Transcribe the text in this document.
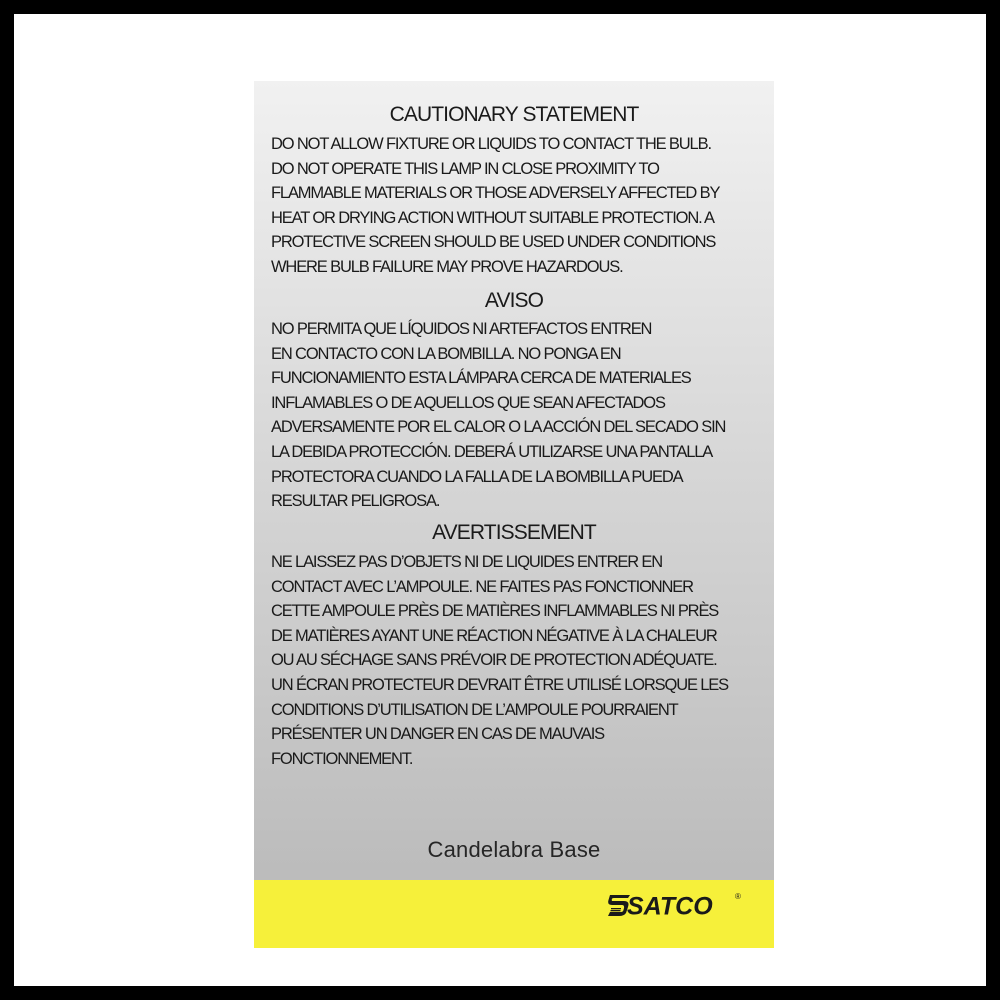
CAUTIONARY STATEMENT
DO NOT ALLOW FIXTURE OR LIQUIDS TO CONTACT THE BULB.
DO NOT OPERATE THIS LAMP IN CLOSE PROXIMITY TO
FLAMMABLE MATERIALS OR THOSE ADVERSELY AFFECTED BY
HEAT OR DRYING ACTION WITHOUT SUITABLE PROTECTION. A
PROTECTIVE SCREEN SHOULD BE USED UNDER CONDITIONS
WHERE BULB FAILURE MAY PROVE HAZARDOUS.
AVISO
NO PERMITA QUE LÍQUIDOS NI ARTEFACTOS ENTREN
EN CONTACTO CON LA BOMBILLA. NO PONGA EN
FUNCIONAMIENTO ESTA LÁMPARA CERCA DE MATERIALES
INFLAMABLES O DE AQUELLOS QUE SEAN AFECTADOS
ADVERSAMENTE POR EL CALOR O LA ACCIÓN DEL SECADO SIN
LA DEBIDA PROTECCIÓN. DEBERÁ UTILIZARSE UNA PANTALLA
PROTECTORA CUANDO LA FALLA DE LA BOMBILLA PUEDA
RESULTAR PELIGROSA.
AVERTISSEMENT
NE LAISSEZ PAS D’OBJETS NI DE LIQUIDES ENTRER EN
CONTACT AVEC L’AMPOULE. NE FAITES PAS FONCTIONNER
CETTE AMPOULE PRÈS DE MATIÈRES INFLAMMABLES NI PRÈS
DE MATIÈRES AYANT UNE RÉACTION NÉGATIVE À LA CHALEUR
OU AU SÉCHAGE SANS PRÉVOIR DE PROTECTION ADÉQUATE.
UN ÉCRAN PROTECTEUR DEVRAIT ÊTRE UTILISÉ LORSQUE LES
CONDITIONS D’UTILISATION DE L’AMPOULE POURRAIENT
PRÉSENTER UN DANGER EN CAS DE MAUVAIS
FONCTIONNEMENT.
Candelabra Base
SATCO	®
